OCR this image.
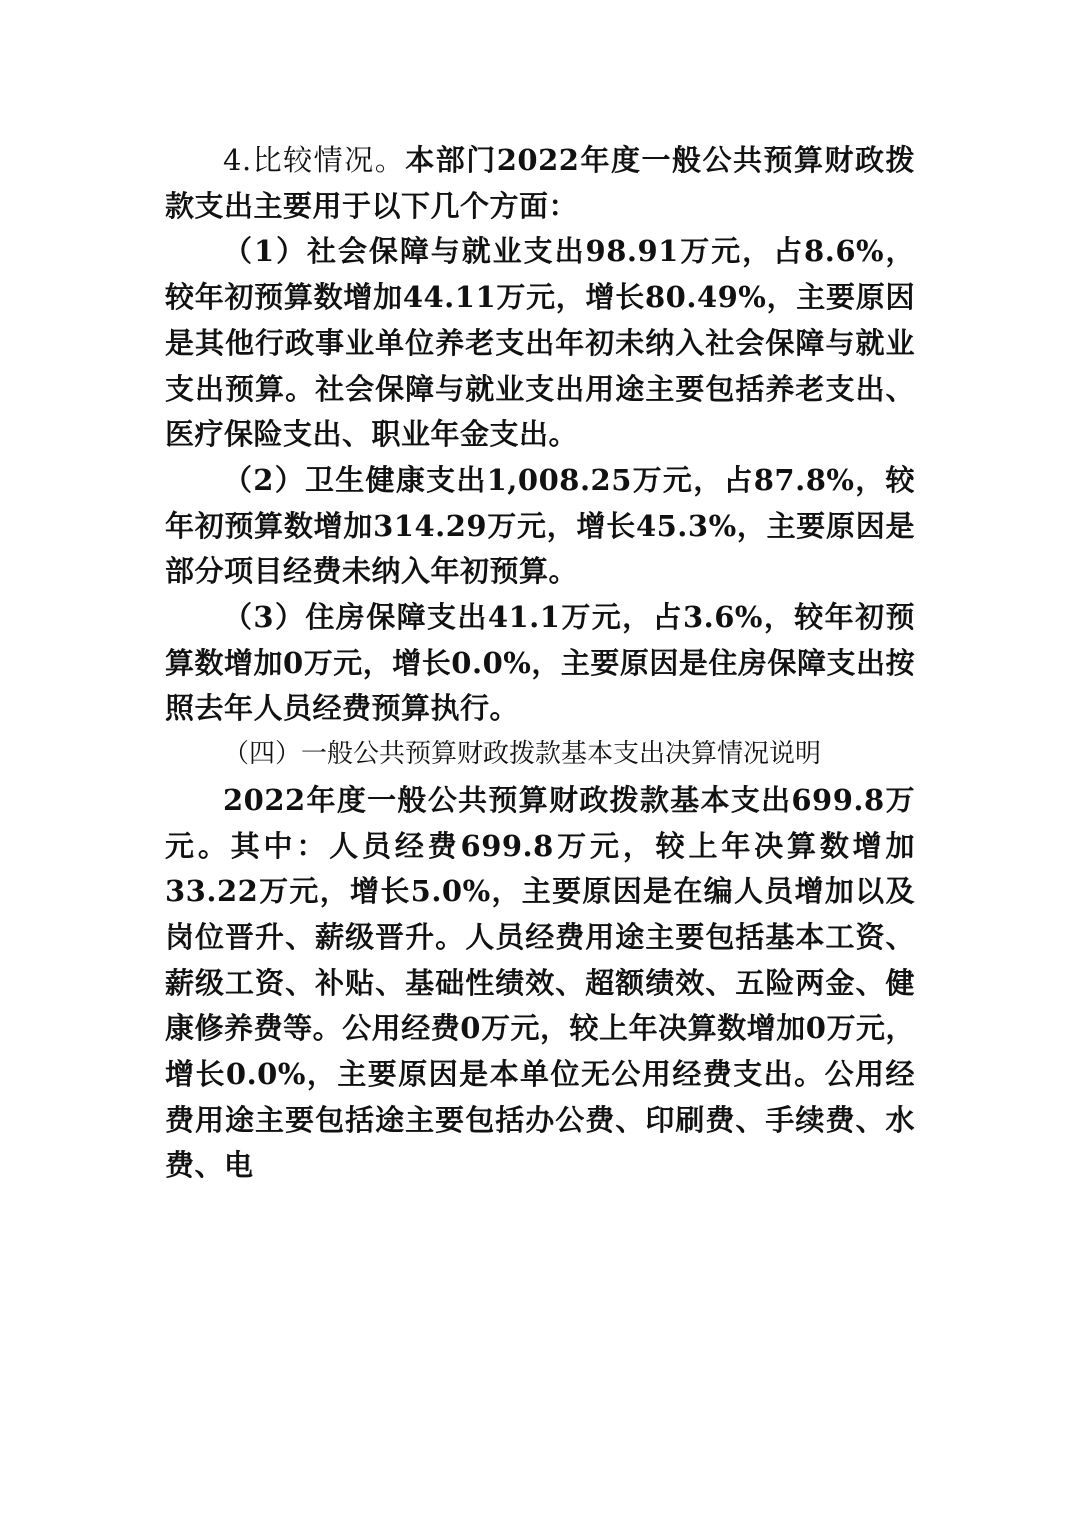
4.比较情况。本部门2022年度一般公共预算财政拨款支出主要用于以下几个方面：

（1）社会保障与就业支出98.91万元，占8.6%，较年初预算数增加44.11万元，增长80.49%，主要原因是其他行政事业单位养老支出年初未纳入社会保障与就业支出预算。社会保障与就业支出用途主要包括养老支出、医疗保险支出、职业年金支出。

（2）卫生健康支出1,008.25万元，占87.8%，较年初预算数增加314.29万元，增长45.3%，主要原因是部分项目经费未纳入年初预算。

（3）住房保障支出41.1万元，占3.6%，较年初预算数增加0万元，增长0.0%，主要原因是住房保障支出按照去年人员经费预算执行。

（四）一般公共预算财政拨款基本支出决算情况说明

2022年度一般公共预算财政拨款基本支出699.8万元。其中：人员经费699.8万元，较上年决算数增加33.22万元，增长5.0%，主要原因是在编人员增加以及岗位晋升、薪级晋升。人员经费用途主要包括基本工资、薪级工资、补贴、基础性绩效、超额绩效、五险两金、健康修养费等。公用经费0万元，较上年决算数增加0万元，增长0.0%，主要原因是本单位无公用经费支出。公用经费用途主要包括途主要包括办公费、印刷费、手续费、水费、电
